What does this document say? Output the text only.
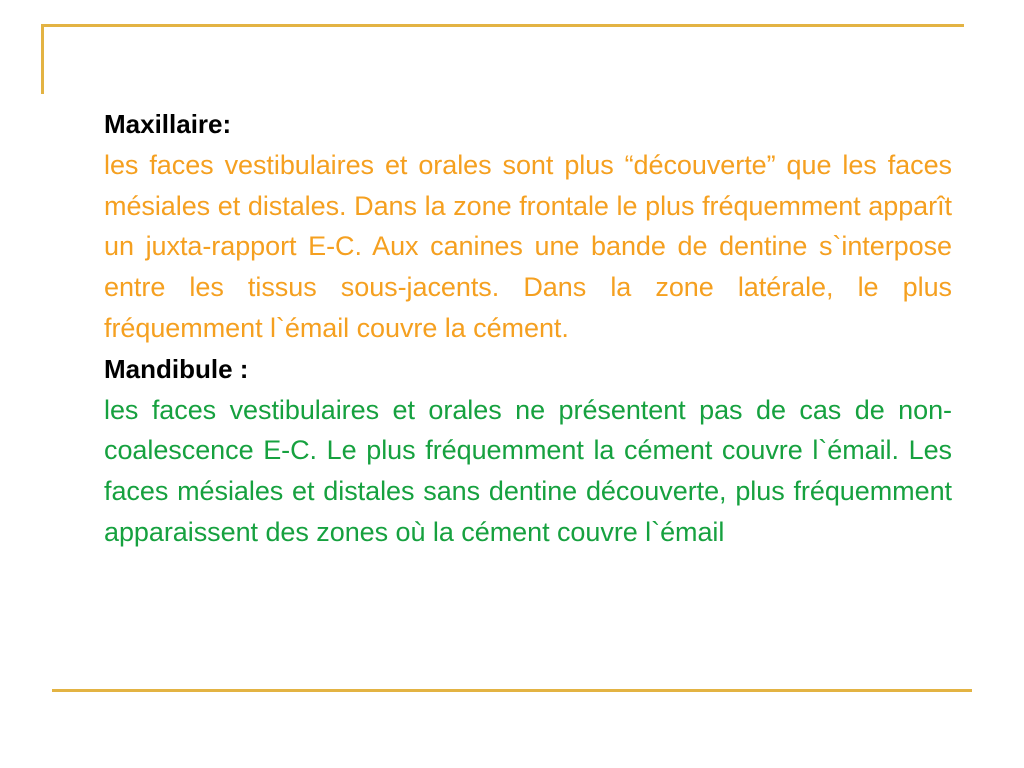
Maxillaire:

les faces vestibulaires et orales sont plus “découverte” que les faces mésiales et distales. Dans la zone frontale le plus fréquemment apparît un juxta-rapport E-C. Aux canines une bande de dentine s`interpose entre les tissus sous-jacents. Dans la zone latérale, le plus fréquemment l`émail couvre la cément.

Mandibule :

les faces vestibulaires et orales ne présentent pas de cas de non-coalescence E-C. Le plus fréquemment la cément couvre l`émail. Les faces mésiales et distales sans dentine découverte, plus fréquemment apparaissent des zones où la cément couvre l`émail
